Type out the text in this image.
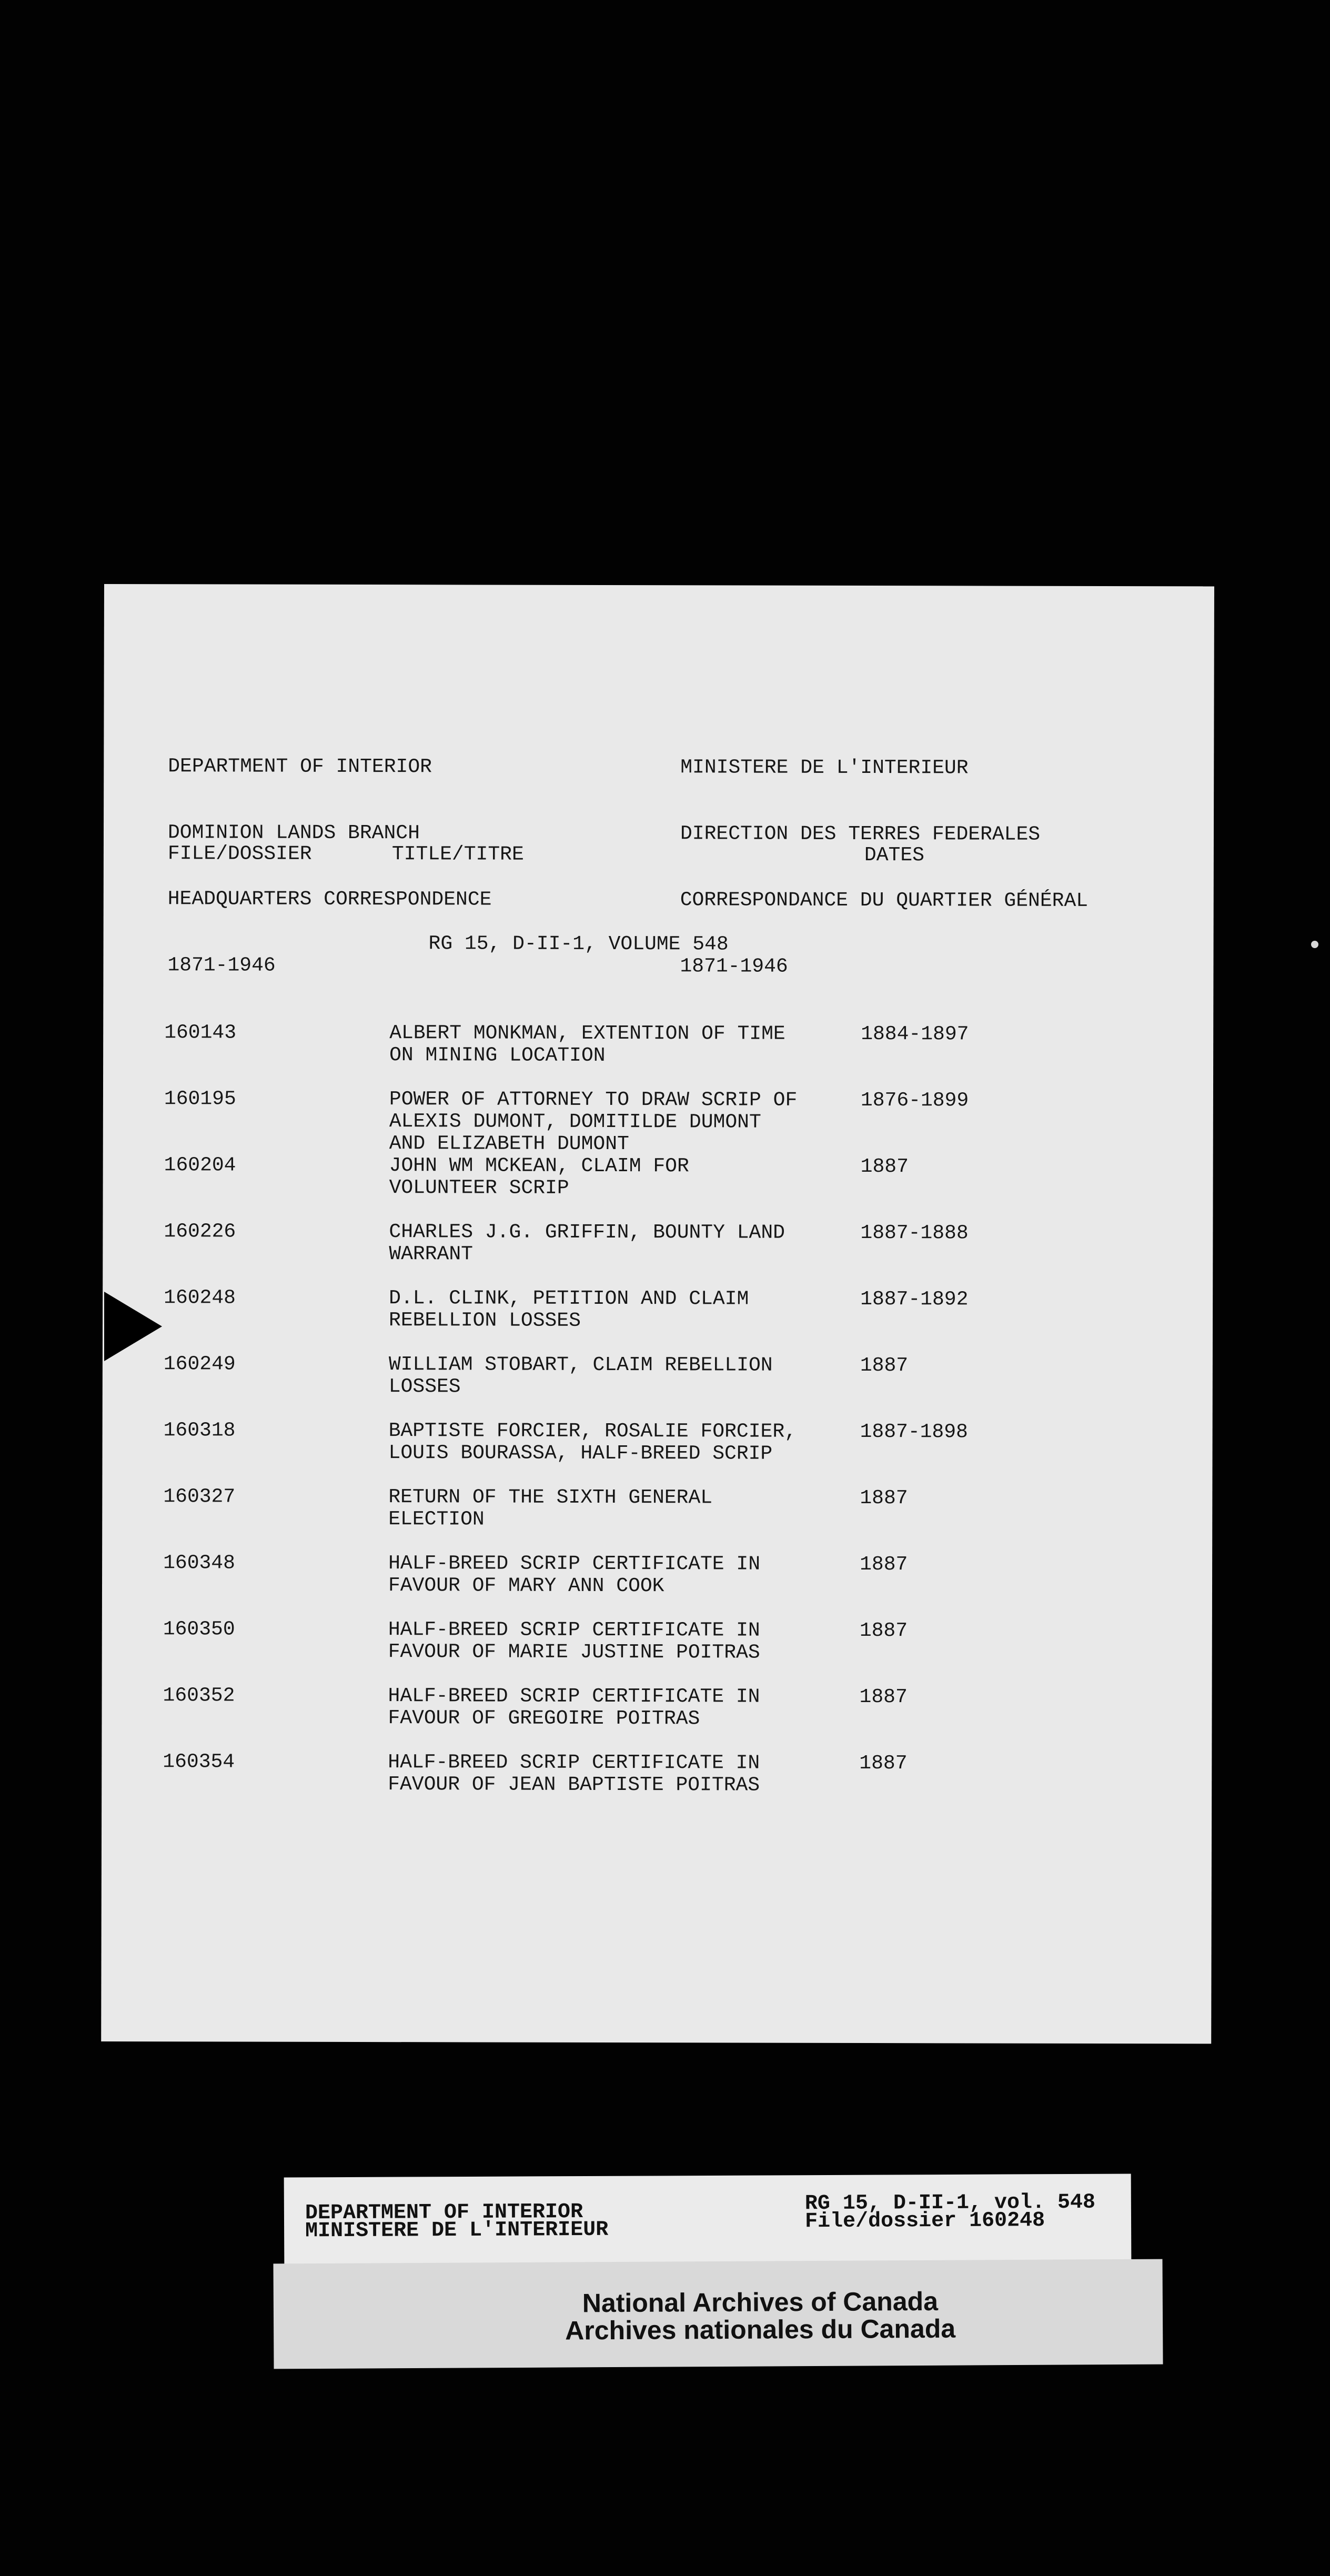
DEPARTMENT OF INTERIOR

DOMINION LANDS BRANCH

HEADQUARTERS CORRESPONDENCE

1871-1946

MINISTERE DE L'INTERIEUR

DIRECTION DES TERRES FEDERALES

CORRESPONDANCE DU QUARTIER GÉNÉRAL

1871-1946

FILE/DOSSIER	TITLE/TITRE	DATES
RG 15, D-II-1, VOLUME 548
160143	ALBERT MONKMAN, EXTENTION OF TIME
ON MINING LOCATION
1884-1897
160195	POWER OF ATTORNEY TO DRAW SCRIP OF
ALEXIS DUMONT, DOMITILDE DUMONT
AND ELIZABETH DUMONT
1876-1899
160204	JOHN WM MCKEAN, CLAIM FOR
VOLUNTEER SCRIP
1887
160226	CHARLES J.G. GRIFFIN, BOUNTY LAND
WARRANT
1887-1888
160248	D.L. CLINK, PETITION AND CLAIM
REBELLION LOSSES
1887-1892
160249	WILLIAM STOBART, CLAIM REBELLION
LOSSES
1887
160318	BAPTISTE FORCIER, ROSALIE FORCIER,
LOUIS BOURASSA, HALF-BREED SCRIP
1887-1898
160327	RETURN OF THE SIXTH GENERAL
ELECTION
1887
160348	HALF-BREED SCRIP CERTIFICATE IN
FAVOUR OF MARY ANN COOK
1887
160350	HALF-BREED SCRIP CERTIFICATE IN
FAVOUR OF MARIE JUSTINE POITRAS
1887
160352	HALF-BREED SCRIP CERTIFICATE IN
FAVOUR OF GREGOIRE POITRAS
1887
160354	HALF-BREED SCRIP CERTIFICATE IN
FAVOUR OF JEAN BAPTISTE POITRAS
1887
DEPARTMENT OF INTERIOR
MINISTERE DE L'INTERIEUR
RG 15, D-II-1, vol. 548
File/dossier 160248
National Archives of Canada
Archives nationales du Canada
